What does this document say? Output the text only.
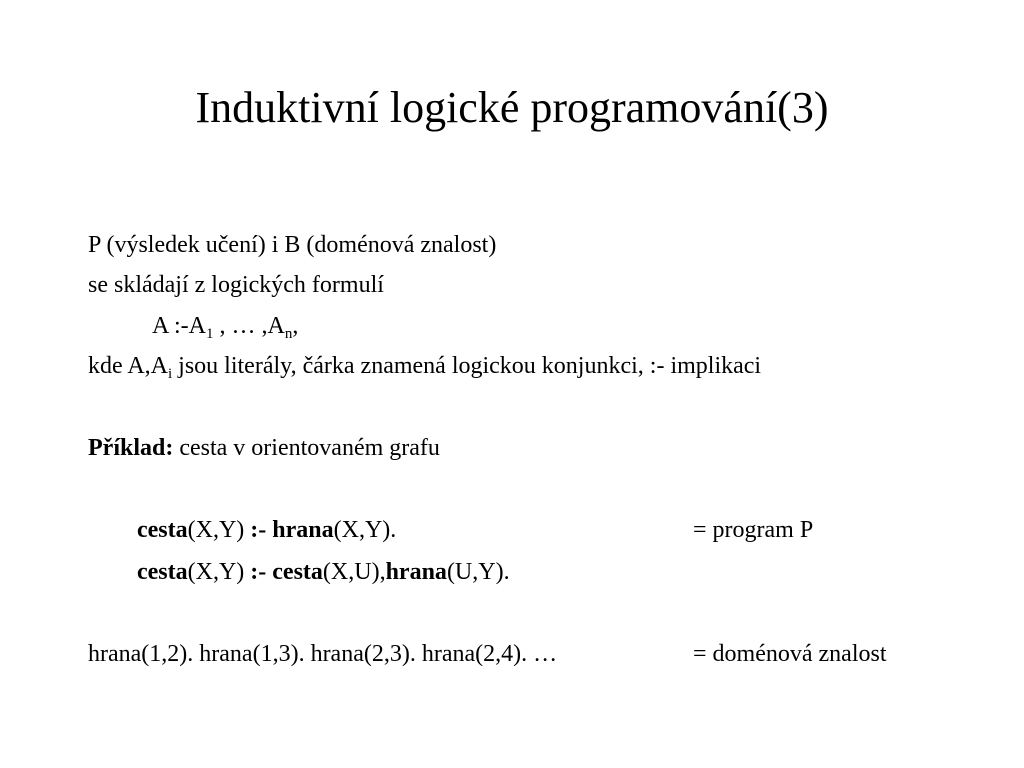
Induktivní logické programování(3)
P (výsledek učení) i B (doménová znalost)
se skládají z logických formulí
A $:-A_1$ , … $,A_n$,
kde $A,A_i$ jsou literály, čárka znamená logickou konjunkci, :- implikaci
Příklad: cesta v orientovaném grafu
cesta(X,Y) :- hrana(X,Y).	= program P
cesta(X,Y) :- cesta(X,U),hrana(U,Y).
hrana(1,2). hrana(1,3). hrana(2,3). hrana(2,4). …	= doménová znalost
